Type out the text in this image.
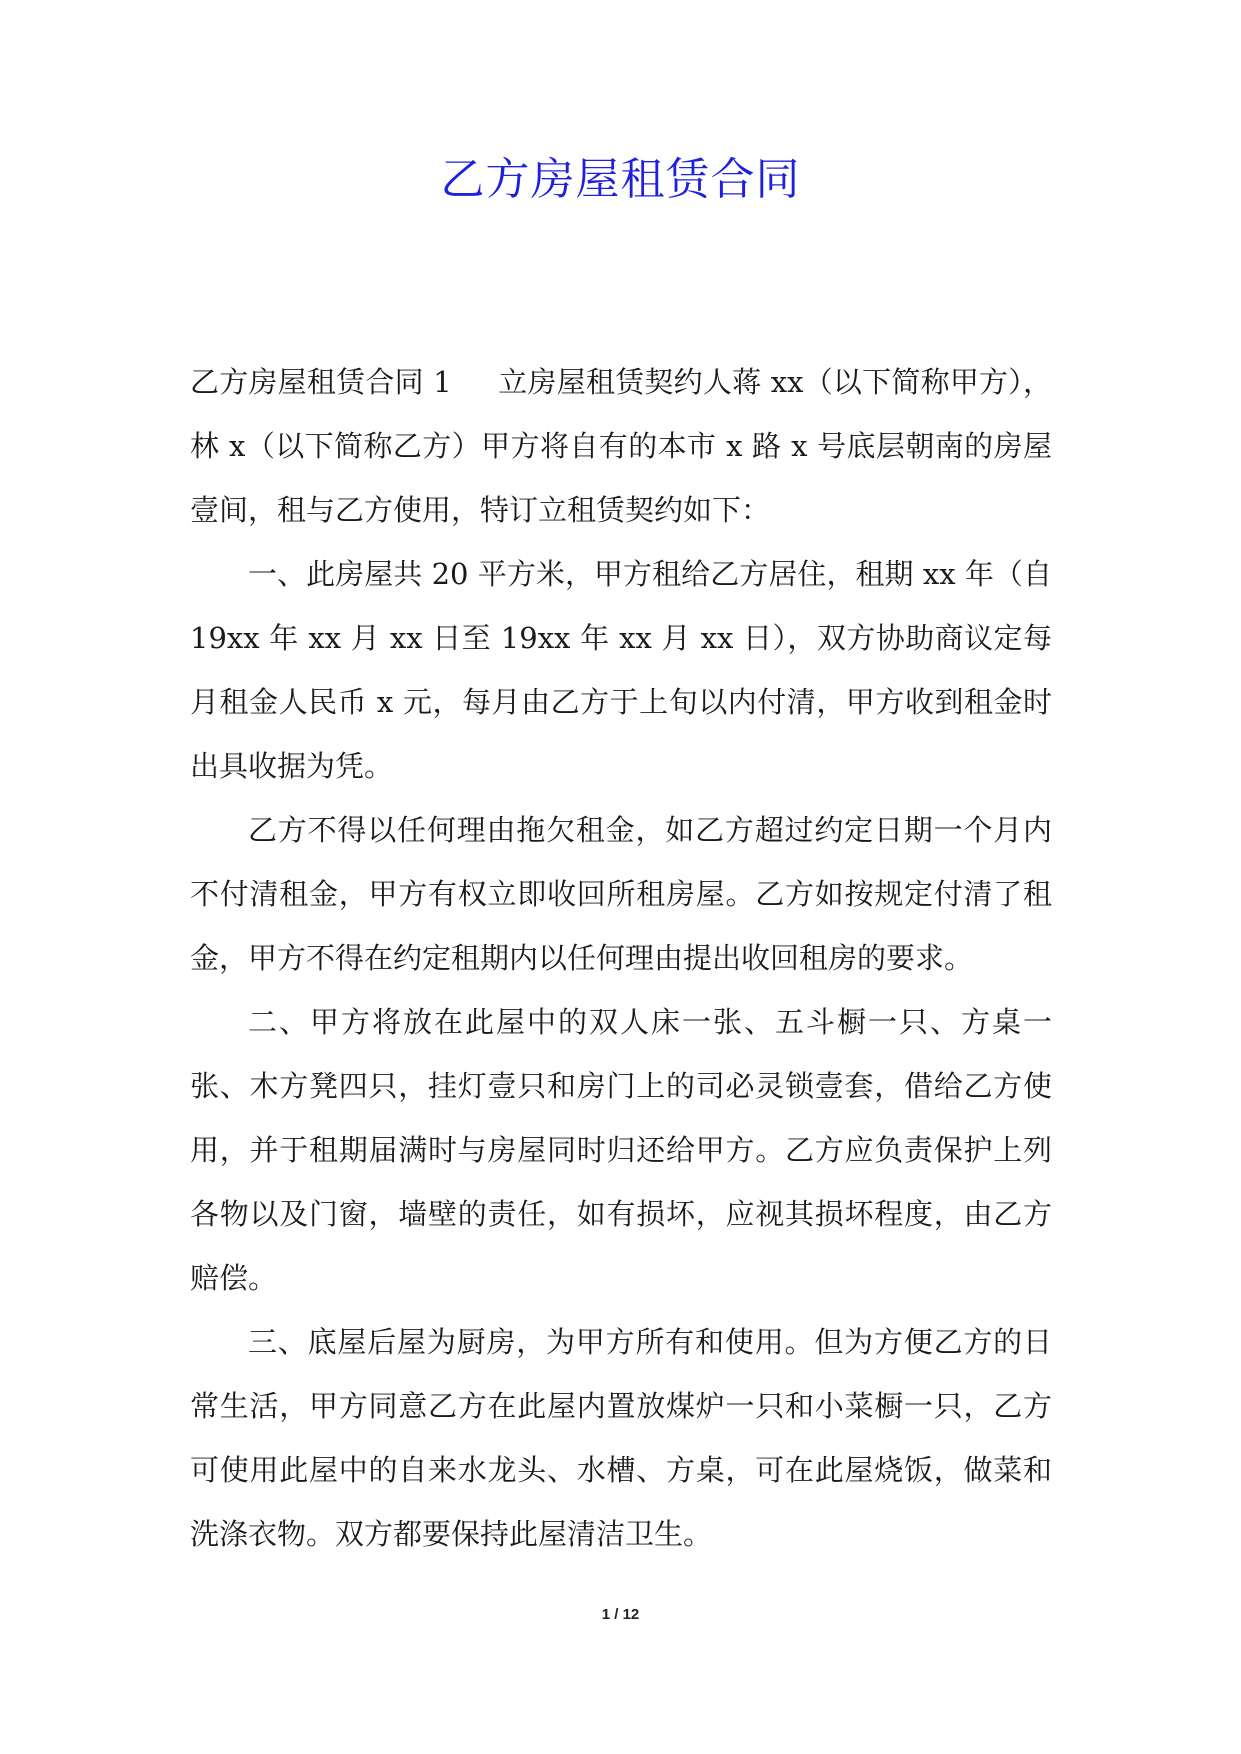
乙方房屋租赁合同

乙方房屋租赁合同 1 立房屋租赁契约人蒋 xx（以下简称甲方），林 x（以下简称乙方）甲方将自有的本市 x 路 x 号底层朝南的房屋壹间，租与乙方使用，特订立租赁契约如下：

一、此房屋共 20 平方米，甲方租给乙方居住，租期 xx 年（自 19xx 年 xx 月 xx 日至 19xx 年 xx 月 xx 日），双方协助商议定每月租金人民币 x 元，每月由乙方于上旬以内付清，甲方收到租金时出具收据为凭。

乙方不得以任何理由拖欠租金，如乙方超过约定日期一个月内不付清租金，甲方有权立即收回所租房屋。乙方如按规定付清了租金，甲方不得在约定租期内以任何理由提出收回租房的要求。

二、甲方将放在此屋中的双人床一张、五斗橱一只、方桌一张、木方凳四只，挂灯壹只和房门上的司必灵锁壹套，借给乙方使用，并于租期届满时与房屋同时归还给甲方。乙方应负责保护上列各物以及门窗，墙壁的责任，如有损坏，应视其损坏程度，由乙方赔偿。

三、底屋后屋为厨房，为甲方所有和使用。但为方便乙方的日常生活，甲方同意乙方在此屋内置放煤炉一只和小菜橱一只，乙方可使用此屋中的自来水龙头、水槽、方桌，可在此屋烧饭，做菜和洗涤衣物。双方都要保持此屋清洁卫生。

1 / 12
